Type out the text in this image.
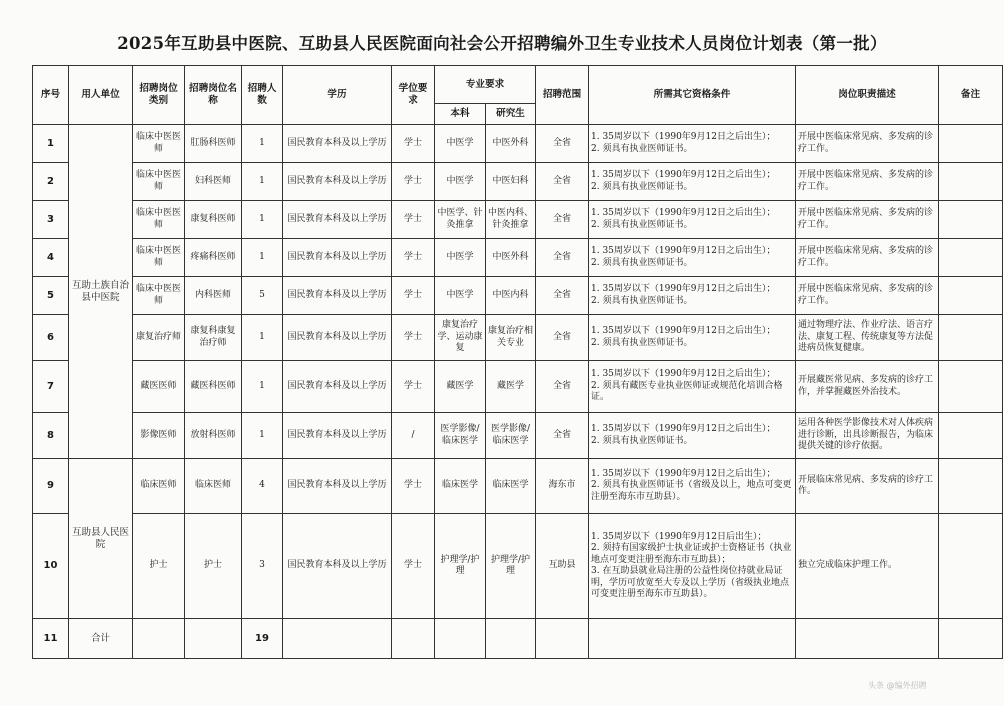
2025年互助县中医院、互助县人民医院面向社会公开招聘编外卫生专业技术人员岗位计划表（第一批）
序号	用人单位	招聘岗位类别	招聘岗位名称	招聘人数	学历	学位要求	专业要求		招聘范围	所需其它资格条件	岗位职责描述	备注
							本科	研究生				
1	互助土族自治县中医院	临床中医医师	肛肠科医师	1	国民教育本科及以上学历	学士	中医学	中医外科	全省	1. 35周岁以下（1990年9月12日之后出生）；
2. 须具有执业医师证书。	开展中医临床常见病、多发病的诊疗工作。	
2		临床中医医师	妇科医师	1	国民教育本科及以上学历	学士	中医学	中医妇科	全省	1. 35周岁以下（1990年9月12日之后出生）；
2. 须具有执业医师证书。	开展中医临床常见病、多发病的诊疗工作。	
3		临床中医医师	康复科医师	1	国民教育本科及以上学历	学士	中医学、针灸推拿	中医内科、针灸推拿	全省	1. 35周岁以下（1990年9月12日之后出生）；
2. 须具有执业医师证书。	开展中医临床常见病、多发病的诊疗工作。	
4		临床中医医师	疼痛科医师	1	国民教育本科及以上学历	学士	中医学	中医外科	全省	1. 35周岁以下（1990年9月12日之后出生）；
2. 须具有执业医师证书。	开展中医临床常见病、多发病的诊疗工作。	
5		临床中医医师	内科医师	5	国民教育本科及以上学历	学士	中医学	中医内科	全省	1. 35周岁以下（1990年9月12日之后出生）；
2. 须具有执业医师证书。	开展中医临床常见病、多发病的诊疗工作。	
6		康复治疗师	康复科康复治疗师	1	国民教育本科及以上学历	学士	康复治疗学、运动康复	康复治疗相关专业	全省	1. 35周岁以下（1990年9月12日之后出生）；
2. 须具有执业医师证书。	通过物理疗法、作业疗法、语言疗法、康复工程、传统康复等方法促进病员恢复健康。	
7		藏医医师	藏医科医师	1	国民教育本科及以上学历	学士	藏医学	藏医学	全省	1. 35周岁以下（1990年9月12日之后出生）；
2. 须具有藏医专业执业医师证或规范化培训合格证。	开展藏医常见病、多发病的诊疗工作，并掌握藏医外治技术。	
8		影像医师	放射科医师	1	国民教育本科及以上学历	/	医学影像/临床医学	医学影像/临床医学	全省	1. 35周岁以下（1990年9月12日之后出生）；
2. 须具有执业医师证书。	运用各种医学影像技术对人体疾病进行诊断，出具诊断报告，为临床提供关键的诊疗依据。	
9	互助县人民医院	临床医师	临床医师	4	国民教育本科及以上学历	学士	临床医学	临床医学	海东市	1. 35周岁以下（1990年9月12日之后出生）；
2. 须具有执业医师证书（省级及以上，地点可变更注册至海东市互助县）。	开展临床常见病、多发病的诊疗工作。	
10		护士	护士	3	国民教育本科及以上学历	学士	护理学/护理	护理学/护理	互助县	1. 35周岁以下（1990年9月12日后出生）；
2. 须持有国家级护士执业证或护士资格证书（执业地点可变更注册至海东市互助县）；
3. 在互助县就业局注册的公益性岗位持就业局证明，学历可放宽至大专及以上学历（省级执业地点可变更注册至海东市互助县）。	独立完成临床护理工作。	
11	合计			19								
头条 @编外招聘
